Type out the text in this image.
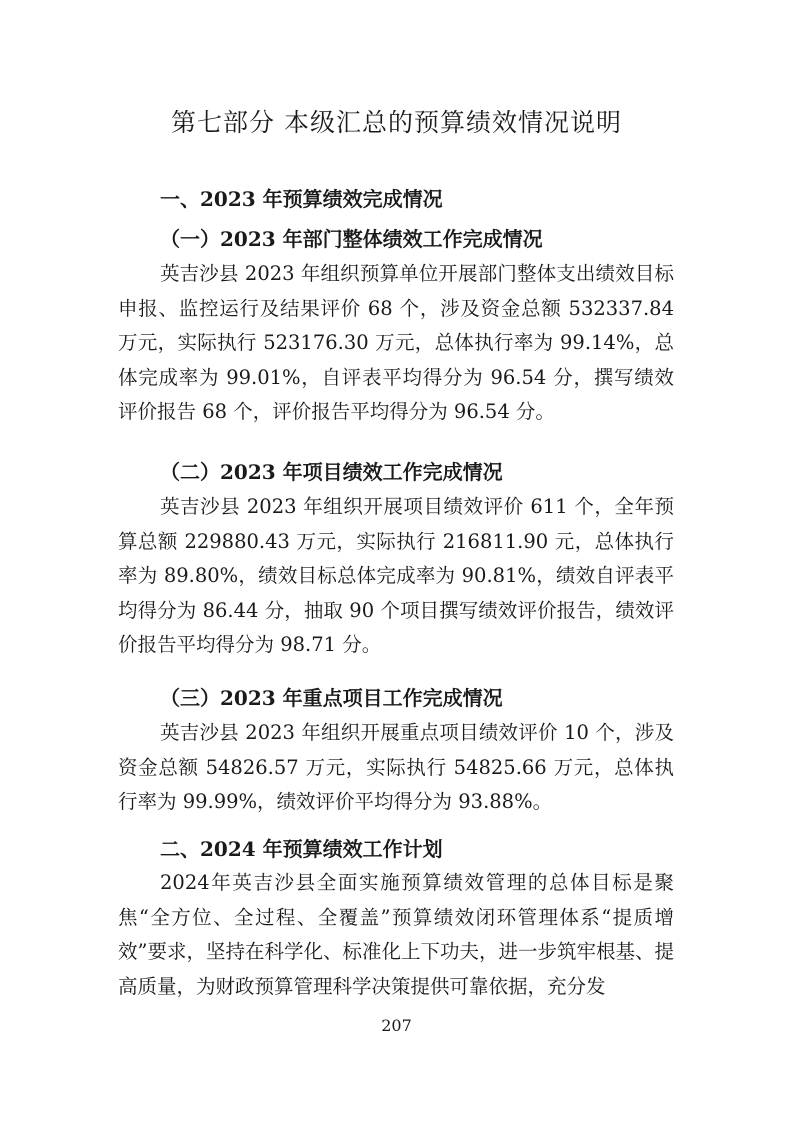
第七部分 本级汇总的预算绩效情况说明
一、2023 年预算绩效完成情况
（一）2023 年部门整体绩效工作完成情况

英吉沙县 2023 年组织预算单位开展部门整体支出绩效目标申报、监控运行及结果评价 68 个，涉及资金总额 532337.84 万元，实际执行 523176.30 万元，总体执行率为 99.14%，总体完成率为 99.01%，自评表平均得分为 96.54 分，撰写绩效评价报告 68 个，评价报告平均得分为 96.54 分。

（二）2023 年项目绩效工作完成情况

英吉沙县 2023 年组织开展项目绩效评价 611 个，全年预算总额 229880.43 万元，实际执行 216811.90 元，总体执行率为 89.80%，绩效目标总体完成率为 90.81%，绩效自评表平均得分为 86.44 分，抽取 90 个项目撰写绩效评价报告，绩效评价报告平均得分为 98.71 分。

（三）2023 年重点项目工作完成情况

英吉沙县 2023 年组织开展重点项目绩效评价 10 个，涉及资金总额 54826.57 万元，实际执行 54825.66 万元，总体执行率为 99.99%，绩效评价平均得分为 93.88%。

二、2024 年预算绩效工作计划

2024年英吉沙县全面实施预算绩效管理的总体目标是聚焦“全方位、全过程、全覆盖”预算绩效闭环管理体系“提质增效”要求，坚持在科学化、标准化上下功夫，进一步筑牢根基、提高质量，为财政预算管理科学决策提供可靠依据，充分发

207
